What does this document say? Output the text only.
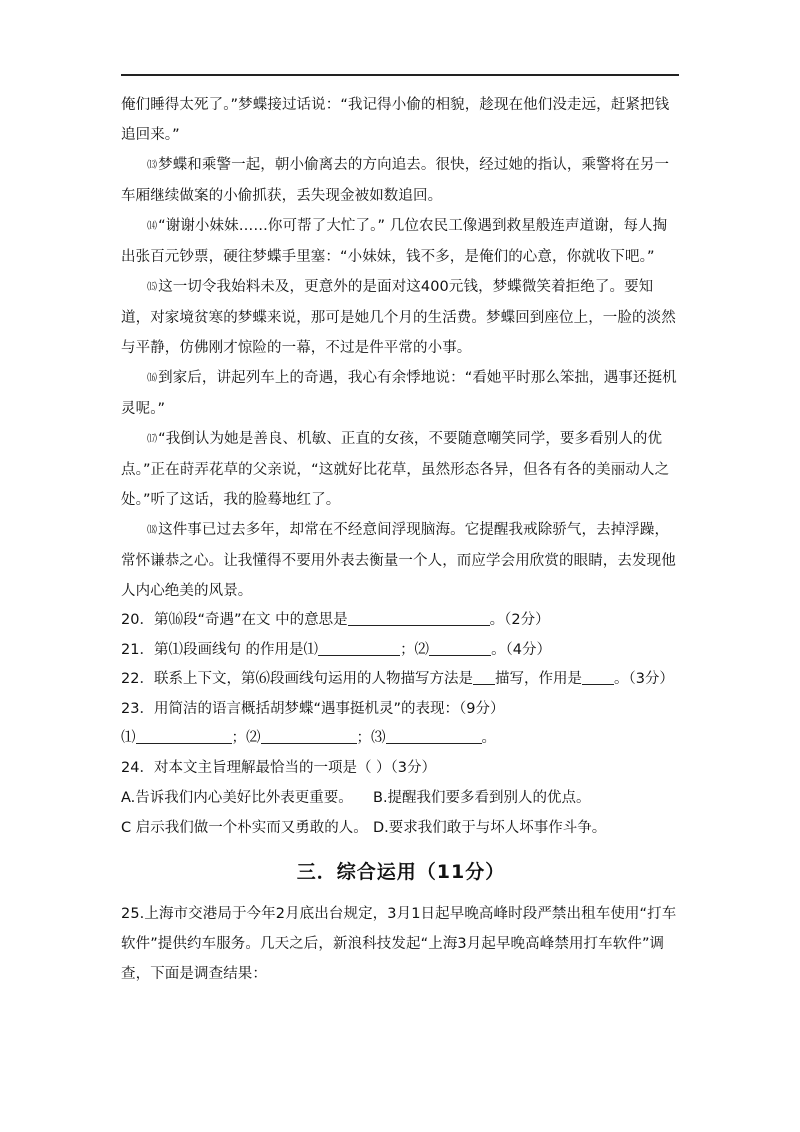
俺们睡得太死了。”梦蝶接过话说：“我记得小偷的相貌，趁现在他们没走远，赶紧把钱追回来。”

⒀梦蝶和乘警一起，朝小偷离去的方向追去。很快，经过她的指认，乘警将在另一车厢继续做案的小偷抓获，丢失现金被如数追回。

⒁“谢谢小妹妹……你可帮了大忙了。” 几位农民工像遇到救星般连声道谢，每人掏出张百元钞票，硬往梦蝶手里塞：“小妹妹，钱不多，是俺们的心意，你就收下吧。”

⒂这一切令我始料未及，更意外的是面对这400元钱，梦蝶微笑着拒绝了。要知道，对家境贫寒的梦蝶来说，那可是她几个月的生活费。梦蝶回到座位上，一脸的淡然与平静，仿佛刚才惊险的一幕，不过是件平常的小事。

⒃到家后，讲起列车上的奇遇，我心有余悸地说：“看她平时那么笨拙，遇事还挺机灵呢。”

⒄“我倒认为她是善良、机敏、正直的女孩，不要随意嘲笑同学，要多看别人的优点。”正在莳弄花草的父亲说，“这就好比花草，虽然形态各异，但各有各的美丽动人之处。”听了这话，我的脸蓦地红了。

⒅这件事已过去多年，却常在不经意间浮现脑海。它提醒我戒除骄气，去掉浮躁，常怀谦恭之心。让我懂得不要用外表去衡量一个人，而应学会用欣赏的眼睛，去发现他人内心绝美的风景。

20．第⒃段“奇遇”在文 中的意思是	。（2分）
21．第⑴段画线句 的作用是⑴	；⑵	。（4分）
22．联系上下文，第⑹段画线句运用的人物描写方法是 描写，作用是 。（3分）
23．用简洁的语言概括胡梦蝶“遇事挺机灵”的表现：（9分）
⑴	；⑵	；⑶	。
24．对本文主旨理解最恰当的一项是（ ）（3分）
A.告诉我们内心美好比外表更重要。	B.提醒我们要多看到别人的优点。
C 启示我们做一个朴实而又勇敢的人。 D.要求我们敢于与坏人坏事作斗争。
三．综合运用（11分）

25.上海市交港局于今年2月底出台规定，3月1日起早晚高峰时段严禁出租车使用“打车软件”提供约车服务。几天之后，新浪科技发起“上海3月起早晚高峰禁用打车软件”调查，下面是调查结果：
